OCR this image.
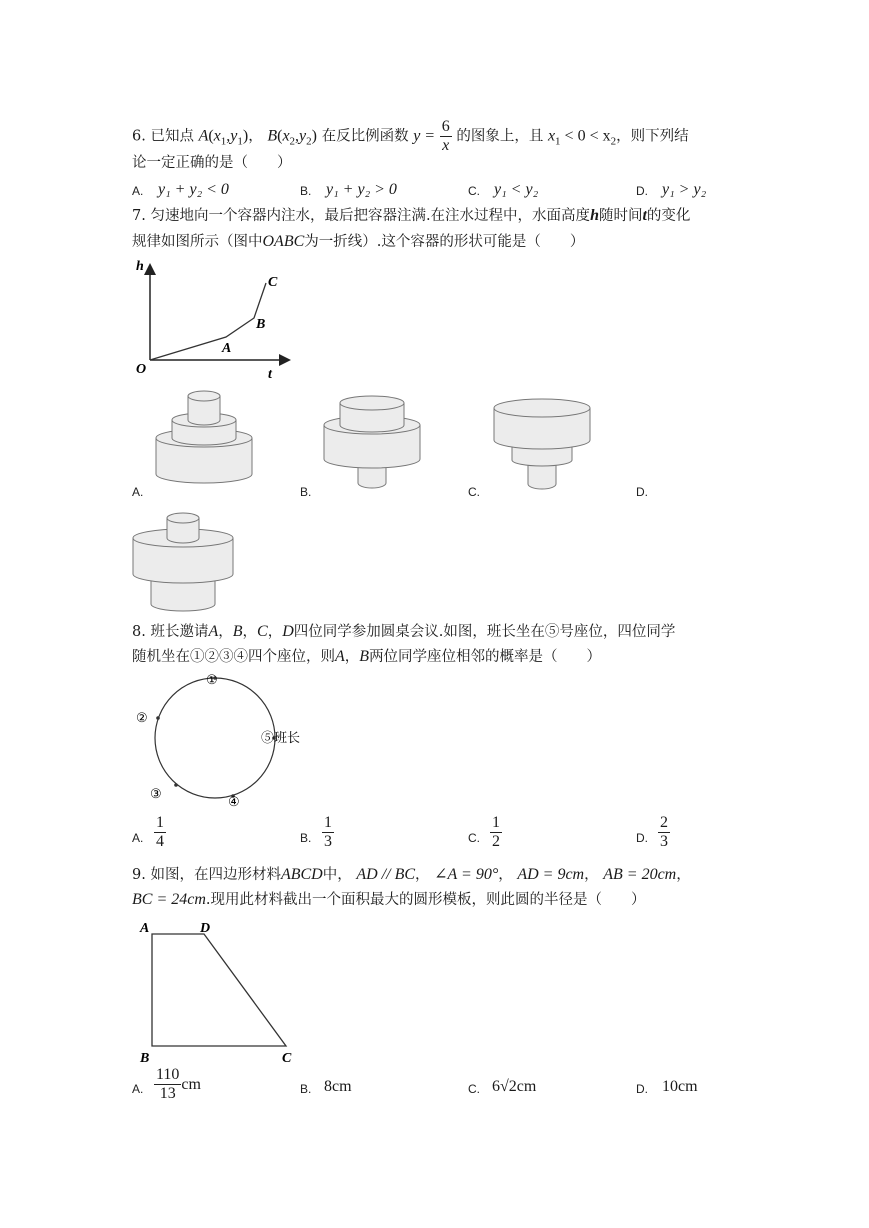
6. 已知点 $A(x_1,y_1)$， $B(x_2,y_2)$ 在反比例函数 $y = \frac{6}{x}$ 的图象上，且 $x_1 < 0 < x_2$，则下列结
论一定正确的是（　　）
A. y₁ + y₂ < 0	B. y₁ + y₂ > 0	C. y₁ < y₂	D. y₁ > y₂
7. 匀速地向一个容器内注水，最后把容器注满.在注水过程中，水面高度h随时间t的变化
规律如图所示（图中OABC为一折线）.这个容器的形状可能是（　　）
h
t
O
A
B
C
A.	B.	C.	D.
8. 班长邀请A，B，C，D四位同学参加圆桌会议.如图，班长坐在⑤号座位，四位同学
随机坐在①②③④四个座位，则A，B两位同学座位相邻的概率是（　　）
①
②
③
④
⑤班长
A. $\frac{1}{4}$	B. $\frac{1}{3}$	C. $\frac{1}{2}$	D. $\frac{2}{3}$
9. 如图，在四边形材料ABCD中， AD // BC， ∠A = 90°， AD = 9cm， AB = 20cm，
BC = 24cm.现用此材料截出一个面积最大的圆形模板，则此圆的半径是（　　）
A	D
B	C
A. $\frac{110}{13}$ cm	B. 8cm	C. 6√2cm	D. 10cm
